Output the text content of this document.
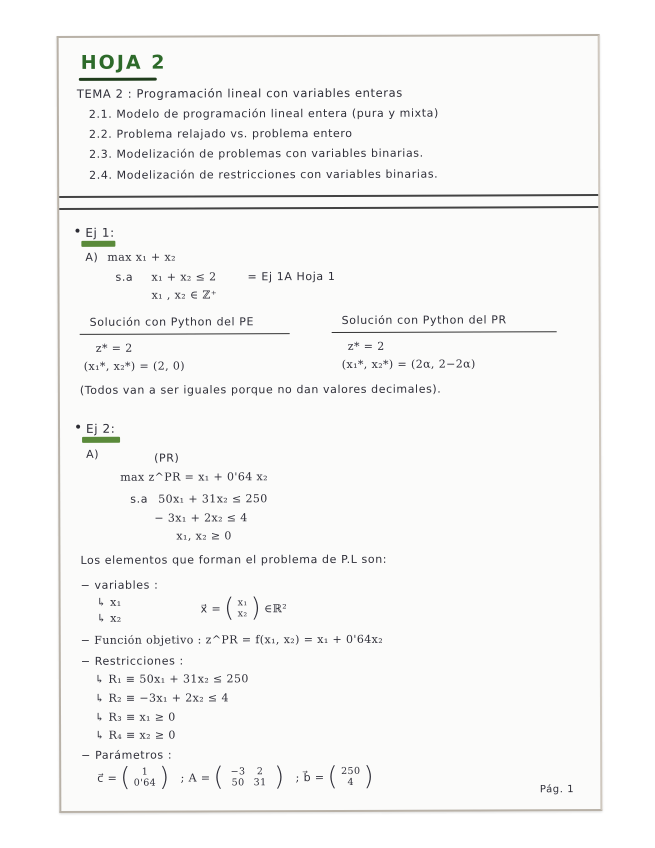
HOJA 2
TEMA 2 : Programación lineal con variables enteras
2.1. Modelo de programación lineal entera (pura y mixta)
2.2. Problema relajado vs. problema entero
2.3. Modelización de problemas con variables binarias.
2.4. Modelización de restricciones con variables binarias.
• Ej 1:
A) max x₁ + x₂
s.a x₁ + x₂ ≤ 2	= Ej 1A Hoja 1
x₁ , x₂ ∈ ℤ⁺
Solución con Python del PE
z* = 2
(x₁*, x₂*) = (2, 0)
Solución con Python del PR
z* = 2
(x₁*, x₂*) = (2α, 2−2α)
(Todos van a ser iguales porque no dan valores decimales).
• Ej 2:
A)	(PR)
max z^PR = x₁ + 0'64 x₂
s.a 50x₁ + 31x₂ ≤ 250
− 3x₁ + 2x₂ ≤ 4
x₁, x₂ ≥ 0
Los elementos que forman el problema de P.L son:
− variables :
↳ x₁
↳ x₂
x⃗ = ( x₁
x₂ ) ∈ℝ²
− Función objetivo : z^PR = f(x₁, x₂) = x₁ + 0'64x₂
− Restricciones :
↳ R₁ ≡ 50x₁ + 31x₂ ≤ 250
↳ R₂ ≡ −3x₁ + 2x₂ ≤ 4
↳ R₃ ≡ x₁ ≥ 0
↳ R₄ ≡ x₂ ≥ 0
− Parámetros :
c⃗ = (	1
0'64 ) ; A = ( −3	2
50 31 ) ; b⃗ = ( 250
4 )	Pág. 1
